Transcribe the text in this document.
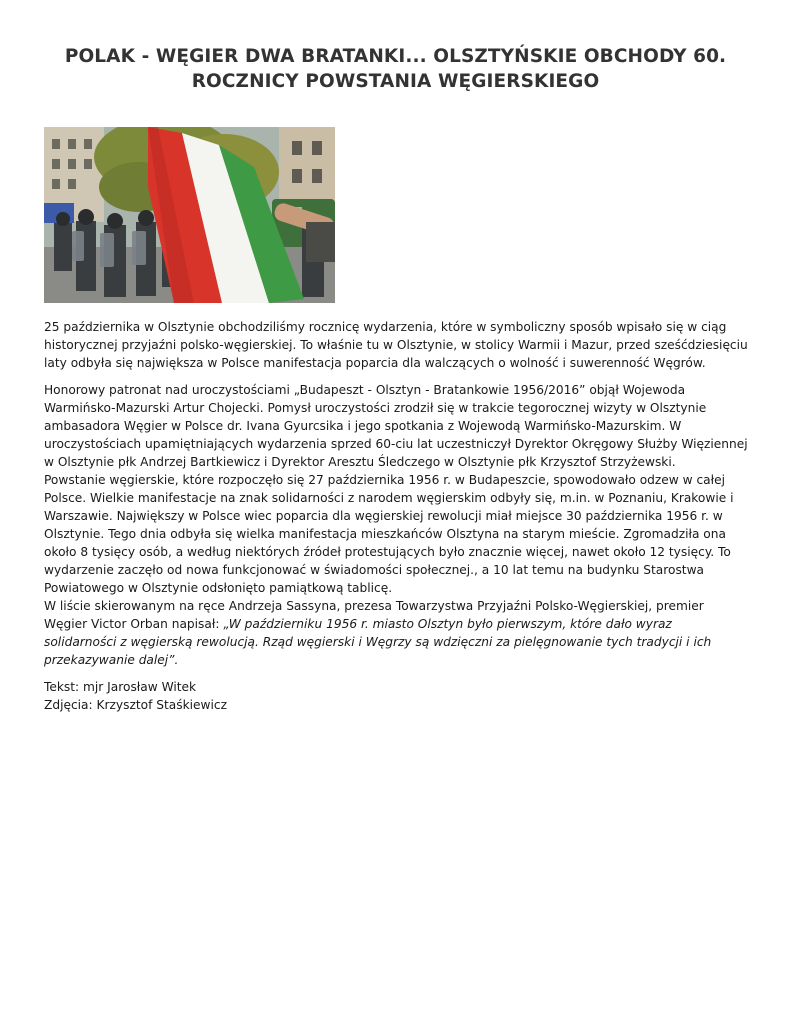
POLAK - WĘGIER DWA BRATANKI... OLSZTYŃSKIE OBCHODY 60. ROCZNICY POWSTANIA WĘGIERSKIEGO

25 października w Olsztynie obchodziliśmy rocznicę wydarzenia, które w symboliczny sposób wpisało się w ciąg historycznej przyjaźni polsko-węgierskiej. To właśnie tu w Olsztynie, w stolicy Warmii i Mazur, przed sześćdziesięciu laty odbyła się największa w Polsce manifestacja poparcia dla walczących o wolność i suwerenność Węgrów.

Honorowy patronat nad uroczystościami „Budapeszt - Olsztyn - Bratankowie 1956/2016” objął Wojewoda Warmińsko-Mazurski Artur Chojecki. Pomysł uroczystości zrodził się w trakcie tegorocznej wizyty w Olsztynie ambasadora Węgier w Polsce dr. Ivana Gyurcsika i jego spotkania z Wojewodą Warmińsko-Mazurskim. W uroczystościach upamiętniających wydarzenia sprzed 60-ciu lat uczestniczył Dyrektor Okręgowy Służby Więziennej w Olsztynie płk Andrzej Bartkiewicz i Dyrektor Aresztu Śledczego w Olsztynie płk Krzysztof Strzyżewski.

Powstanie węgierskie, które rozpoczęło się 27 października 1956 r. w Budapeszcie, spowodowało odzew w całej Polsce. Wielkie manifestacje na znak solidarności z narodem węgierskim odbyły się, m.in. w Poznaniu, Krakowie i Warszawie. Największy w Polsce wiec poparcia dla węgierskiej rewolucji miał miejsce 30 października 1956 r. w Olsztynie. Tego dnia odbyła się wielka manifestacja mieszkańców Olsztyna na starym mieście. Zgromadziła ona około 8 tysięcy osób, a według niektórych źródeł protestujących było znacznie więcej, nawet około 12 tysięcy. To wydarzenie zaczęło od nowa funkcjonować w świadomości społecznej., a 10 lat temu na budynku Starostwa Powiatowego w Olsztynie odsłonięto pamiątkową tablicę.

W liście skierowanym na ręce Andrzeja Sassyna, prezesa Towarzystwa Przyjaźni Polsko-Węgierskiej, premier Węgier Victor Orban napisał: „W październiku 1956 r. miasto Olsztyn było pierwszym, które dało wyraz solidarności z węgierską rewolucją. Rząd węgierski i Węgrzy są wdzięczni za pielęgnowanie tych tradycji i ich przekazywanie dalej”.

Tekst: mjr Jarosław Witek

Zdjęcia: Krzysztof Staśkiewicz
